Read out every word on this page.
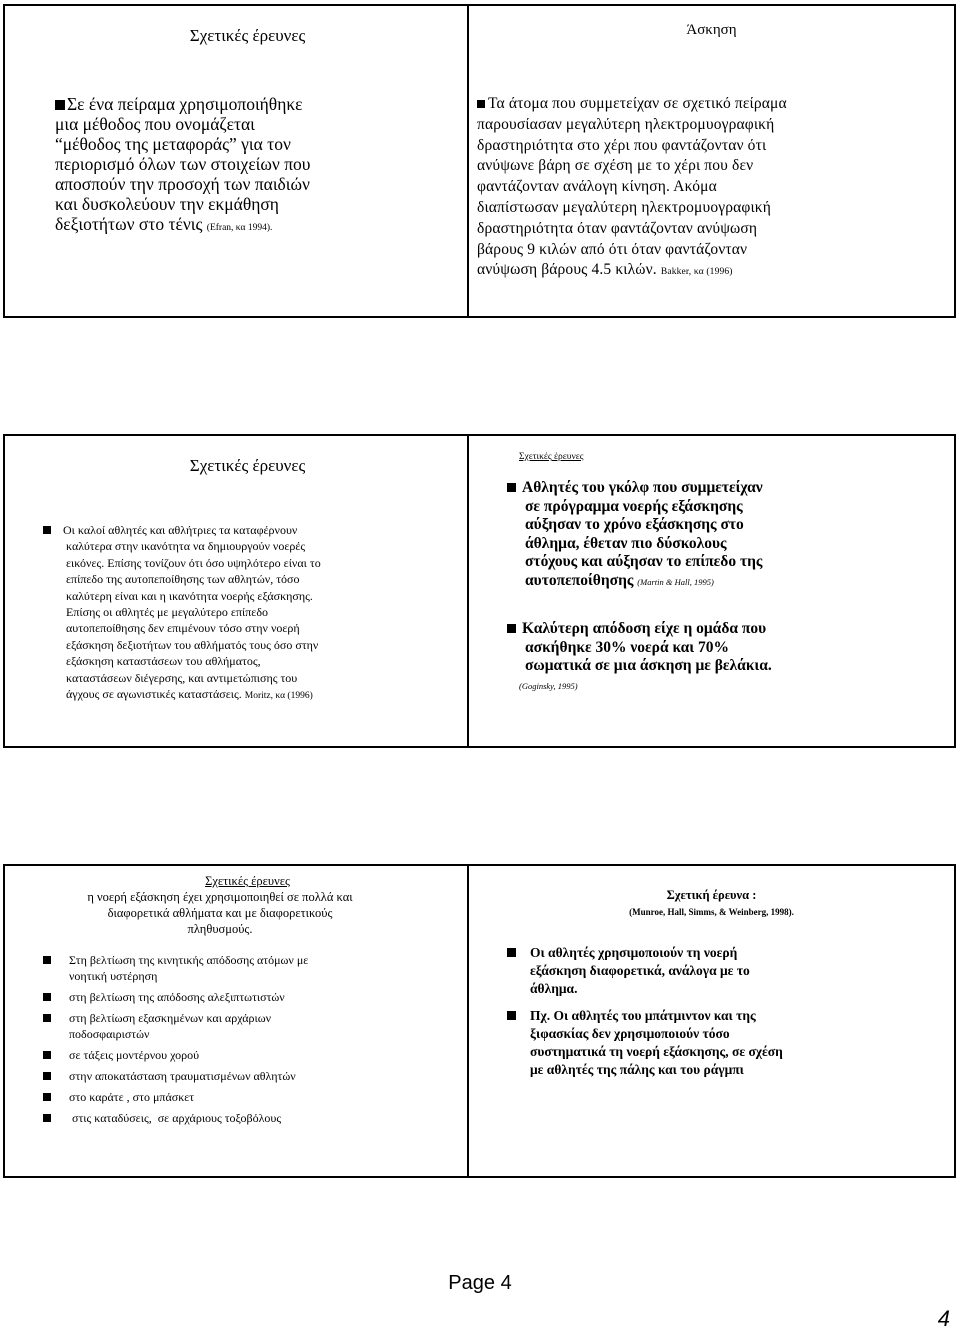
Σχετικές έρευνες
Σε ένα πείραμα χρησιμοποιήθηκε
μια μέθοδος που ονομάζεται
“μέθοδος της μεταφοράς” για τον
περιορισμό όλων των στοιχείων που
αποσπούν την προσοχή των παιδιών
και δυσκολεύουν την εκμάθηση
δεξιοτήτων στο τένις (Efran, κα 1994).
Άσκηση
Τα άτομα που συμμετείχαν σε σχετικό πείραμα
παρουσίασαν μεγαλύτερη ηλεκτρομυογραφική
δραστηριότητα στο χέρι που φαντάζονταν ότι
ανύψωνε βάρη σε σχέση με το χέρι που δεν
φαντάζονταν ανάλογη κίνηση. Ακόμα
διαπίστωσαν μεγαλύτερη ηλεκτρομυογραφική
δραστηριότητα όταν φαντάζονταν ανύψωση
βάρους 9 κιλών από ότι όταν φαντάζονταν
ανύψωση βάρους 4.5 κιλών. Bakker, κα (1996)
Σχετικές έρευνες
Οι καλοί αθλητές και αθλήτριες τα καταφέρνουν
καλύτερα στην ικανότητα να δημιουργούν νοερές
εικόνες. Επίσης τονίζουν ότι όσο υψηλότερο είναι το
επίπεδο της αυτοπεποίθησης των αθλητών, τόσο
καλύτερη είναι και η ικανότητα νοερής εξάσκησης.
Επίσης οι αθλητές με μεγαλύτερο επίπεδο
αυτοπεποίθησης δεν επιμένουν τόσο στην νοερή
εξάσκηση δεξιοτήτων του αθλήματός τους όσο στην
εξάσκηση καταστάσεων του αθλήματος,
καταστάσεων διέγερσης, και αντιμετώπισης του
άγχους σε αγωνιστικές καταστάσεις. Moritz, κα (1996)
Σχετικές έρευνες
Αθλητές του γκόλφ που συμμετείχαν
σε πρόγραμμα νοερής εξάσκησης
αύξησαν το χρόνο εξάσκησης στο
άθλημα, έθεταν πιο δύσκολους
στόχους και αύξησαν το επίπεδο της
αυτοπεποίθησης (Martin & Hall, 1995)
Καλύτερη απόδοση είχε η ομάδα που
ασκήθηκε 30% νοερά και 70%
σωματικά σε μια άσκηση με βελάκια.
(Goginsky, 1995)
Σχετικές έρευνες
η νοερή εξάσκηση έχει χρησιμοποιηθεί σε πολλά και
διαφορετικά αθλήματα και με διαφορετικούς
πληθυσμούς.
Στη βελτίωση της κινητικής απόδοσης ατόμων με
νοητική υστέρηση
στη βελτίωση της απόδοσης αλεξιπτωτιστών
στη βελτίωση εξασκημένων και αρχάριων
ποδοσφαιριστών
σε τάξεις μοντέρνου χορού
στην αποκατάσταση τραυματισμένων αθλητών
στο καράτε , στο μπάσκετ
στις καταδύσεις,  σε αρχάριους τοξοβόλους
Σχετική έρευνα :
(Munroe, Hall, Simms, & Weinberg, 1998).
Οι αθλητές χρησιμοποιούν τη νοερή
εξάσκηση διαφορετικά, ανάλογα με το
άθλημα.
Πχ. Οι αθλητές του μπάτμιντον και της
ξιφασκίας δεν χρησιμοποιούν τόσο
συστηματικά τη νοερή εξάσκησης, σε σχέση
με αθλητές της πάλης και του ράγμπι
Page 4
4
